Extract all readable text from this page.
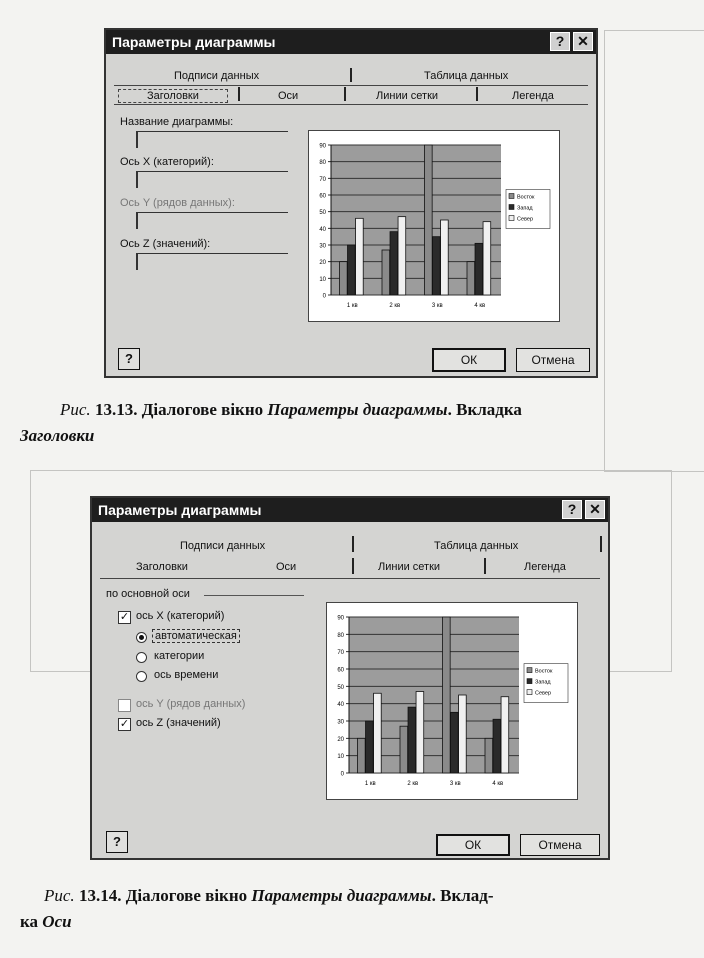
Параметры диаграммы	? ✕
Подписи данных	Таблица данных
Заголовки	Оси	Линии сетки	Легенда
Название диаграммы:
Ось X (категорий):
Ось Y (рядов данных):
Ось Z (значений):
0
10
20
30
40
50
60
70
80
90
1 кв	2 кв	3 кв	4 кв
Восток
Запад
Север
?	ОК	Отмена
Рис. 13.13. Діалогове вікно Параметры диаграммы. Вкладка

Заголовки
Параметры диаграммы	? ✕
Подписи данных	Таблица данных
Заголовки	Оси	Линии сетки	Легенда
по основной оси
✓ ось X (категорий)
автоматическая
категории
ось времени
ось Y (рядов данных)
✓ ось Z (значений)
0
10
20
30
40
50
60
70
80
90
1 кв	2 кв	3 кв	4 кв
Восток
Запад
Север
?	ОК	Отмена
Рис. 13.14. Діалогове вікно Параметры диаграммы. Вклад-
ка Оси
